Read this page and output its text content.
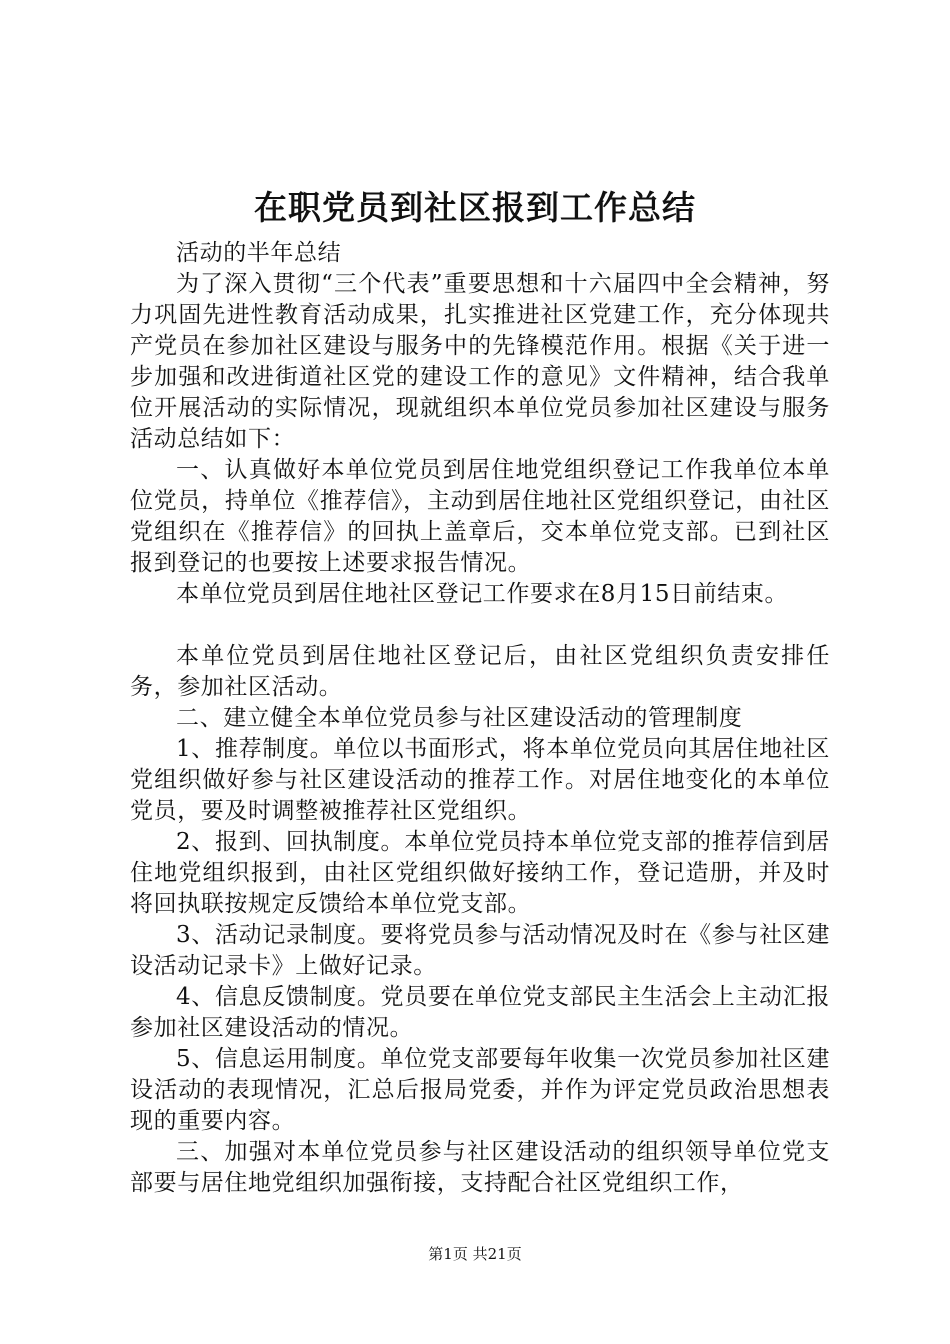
在职党员到社区报到工作总结

活动的半年总结

为了深入贯彻“三个代表”重要思想和十六届四中全会精神，努力巩固先进性教育活动成果，扎实推进社区党建工作，充分体现共产党员在参加社区建设与服务中的先锋模范作用。根据《关于进一步加强和改进街道社区党的建设工作的意见》文件精神，结合我单位开展活动的实际情况，现就组织本单位党员参加社区建设与服务活动总结如下：

一、认真做好本单位党员到居住地党组织登记工作我单位本单位党员，持单位《推荐信》，主动到居住地社区党组织登记，由社区党组织在《推荐信》的回执上盖章后，交本单位党支部。已到社区报到登记的也要按上述要求报告情况。

本单位党员到居住地社区登记工作要求在8月15日前结束。

本单位党员到居住地社区登记后，由社区党组织负责安排任务，参加社区活动。

二、建立健全本单位党员参与社区建设活动的管理制度

1、推荐制度。单位以书面形式，将本单位党员向其居住地社区党组织做好参与社区建设活动的推荐工作。对居住地变化的本单位党员，要及时调整被推荐社区党组织。

2、报到、回执制度。本单位党员持本单位党支部的推荐信到居住地党组织报到，由社区党组织做好接纳工作，登记造册，并及时将回执联按规定反馈给本单位党支部。

3、活动记录制度。要将党员参与活动情况及时在《参与社区建设活动记录卡》上做好记录。

4、信息反馈制度。党员要在单位党支部民主生活会上主动汇报参加社区建设活动的情况。

5、信息运用制度。单位党支部要每年收集一次党员参加社区建设活动的表现情况，汇总后报局党委，并作为评定党员政治思想表现的重要内容。

三、加强对本单位党员参与社区建设活动的组织领导单位党支部要与居住地党组织加强衔接，支持配合社区党组织工作，

第1页 共21页
